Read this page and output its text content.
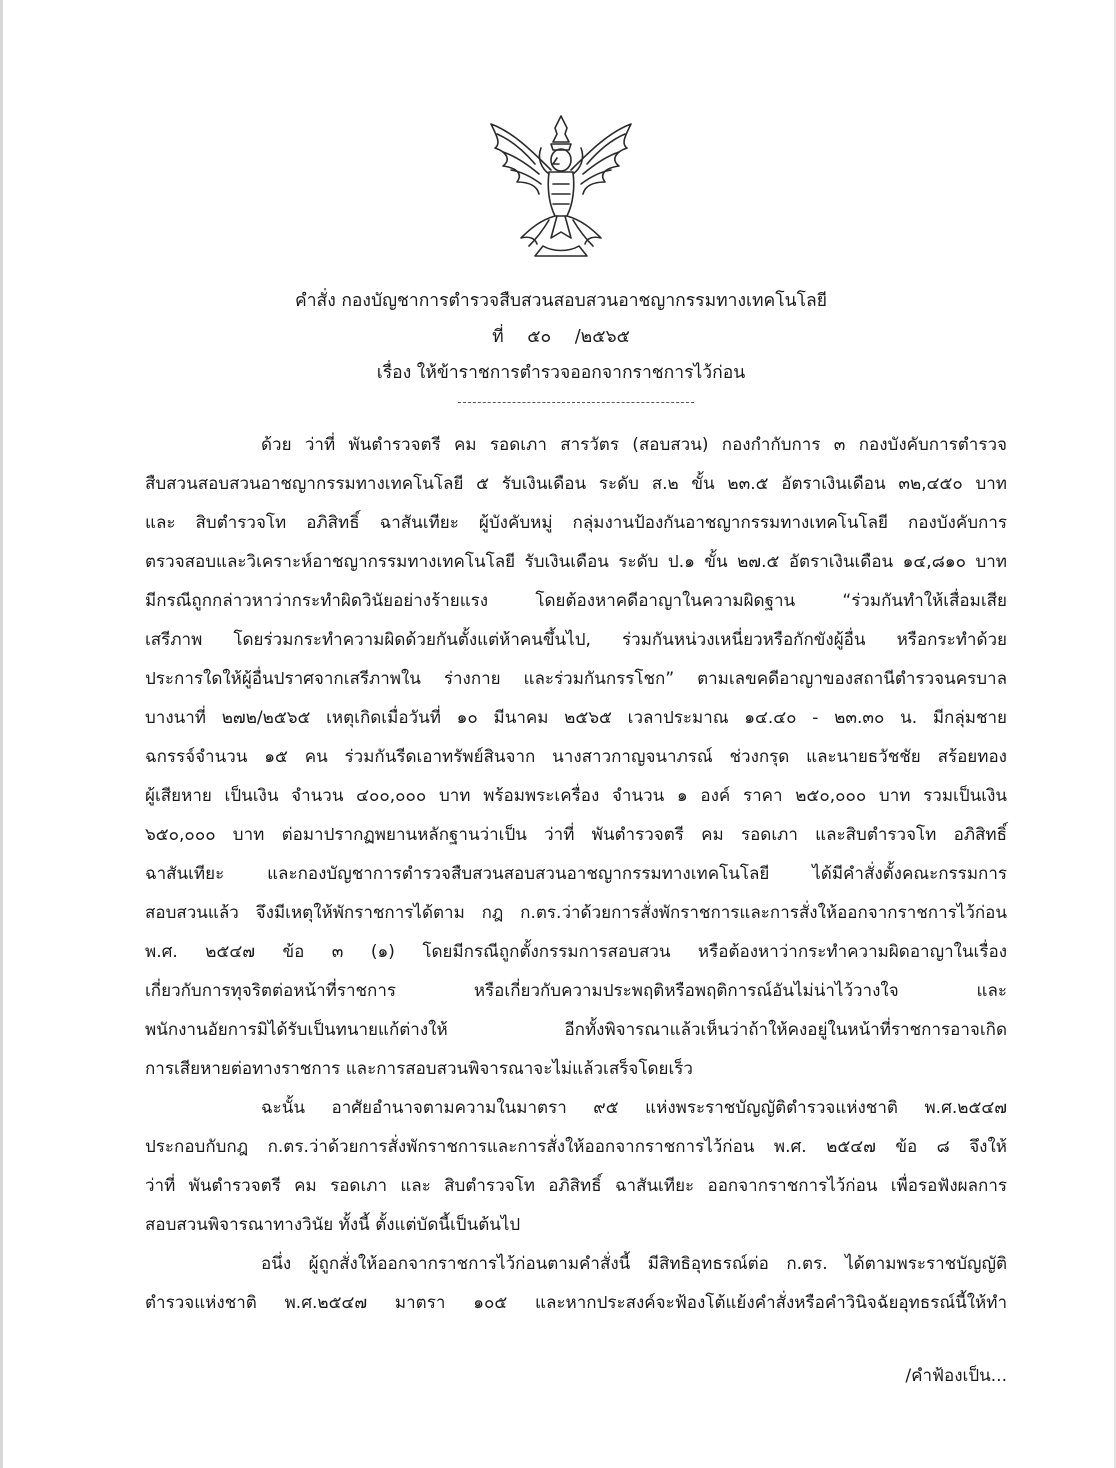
คำสั่ง กองบัญชาการตำรวจสืบสวนสอบสวนอาชญากรรมทางเทคโนโลยี
ที่ ๕๐ /๒๕๖๕
เรื่อง ให้ข้าราชการตำรวจออกจากราชการไว้ก่อน
ด้วย ว่าที่ พันตำรวจตรี คม รอดเภา สารวัตร (สอบสวน) กองกำกับการ ๓ กองบังคับการตำรวจ
สืบสวนสอบสวนอาชญากรรมทางเทคโนโลยี ๕ รับเงินเดือน ระดับ ส.๒ ขั้น ๒๓.๕ อัตราเงินเดือน ๓๒,๔๕๐ บาท
และ สิบตำรวจโท อภิสิทธิ์ ฉาสันเทียะ ผู้บังคับหมู่ กลุ่มงานป้องกันอาชญากรรมทางเทคโนโลยี กองบังคับการ
ตรวจสอบและวิเคราะห์อาชญากรรมทางเทคโนโลยี รับเงินเดือน ระดับ ป.๑ ขั้น ๒๗.๕ อัตราเงินเดือน ๑๔,๘๑๐ บาท
มีกรณีถูกกล่าวหาว่ากระทำผิดวินัยอย่างร้ายแรง โดยต้องหาคดีอาญาในความผิดฐาน “ร่วมกันทำให้เสื่อมเสีย
เสรีภาพ โดยร่วมกระทำความผิดด้วยกันตั้งแต่ห้าคนขึ้นไป, ร่วมกันหน่วงเหนี่ยวหรือกักขังผู้อื่น หรือกระทำด้วย
ประการใดให้ผู้อื่นปราศจากเสรีภาพใน ร่างกาย และร่วมกันกรรโชก” ตามเลขคดีอาญาของสถานีตำรวจนครบาล
บางนาที่ ๒๗๒/๒๕๖๕ เหตุเกิดเมื่อวันที่ ๑๐ มีนาคม ๒๕๖๕ เวลาประมาณ ๑๔.๔๐ - ๒๓.๓๐ น. มีกลุ่มชาย
ฉกรรจ์จำนวน ๑๕ คน ร่วมกันรีดเอาทรัพย์สินจาก นางสาวกาญจนาภรณ์ ช่วงกรุด และนายธวัชชัย สร้อยทอง
ผู้เสียหาย เป็นเงิน จำนวน ๔๐๐,๐๐๐ บาท พร้อมพระเครื่อง จำนวน ๑ องค์ ราคา ๒๕๐,๐๐๐ บาท รวมเป็นเงิน
๖๕๐,๐๐๐ บาท ต่อมาปรากฏพยานหลักฐานว่าเป็น ว่าที่ พันตำรวจตรี คม รอดเภา และสิบตำรวจโท อภิสิทธิ์
ฉาสันเทียะ และกองบัญชาการตำรวจสืบสวนสอบสวนอาชญากรรมทางเทคโนโลยี ได้มีคำสั่งตั้งคณะกรรมการ
สอบสวนแล้ว จึงมีเหตุให้พักราชการได้ตาม กฎ ก.ตร.ว่าด้วยการสั่งพักราชการและการสั่งให้ออกจากราชการไว้ก่อน
พ.ศ. ๒๕๔๗ ข้อ ๓ (๑) โดยมีกรณีถูกตั้งกรรมการสอบสวน หรือต้องหาว่ากระทำความผิดอาญาในเรื่อง
เกี่ยวกับการทุจริตต่อหน้าที่ราชการ หรือเกี่ยวกับความประพฤติหรือพฤติการณ์อันไม่น่าไว้วางใจ และ
พนักงานอัยการมิได้รับเป็นทนายแก้ต่างให้ อีกทั้งพิจารณาแล้วเห็นว่าถ้าให้คงอยู่ในหน้าที่ราชการอาจเกิด
การเสียหายต่อทางราชการ และการสอบสวนพิจารณาจะไม่แล้วเสร็จโดยเร็ว
ฉะนั้น อาศัยอำนาจตามความในมาตรา ๙๕ แห่งพระราชบัญญัติตำรวจแห่งชาติ พ.ศ.๒๕๔๗
ประกอบกับกฎ ก.ตร.ว่าด้วยการสั่งพักราชการและการสั่งให้ออกจากราชการไว้ก่อน พ.ศ. ๒๕๔๗ ข้อ ๘ จึงให้
ว่าที่ พันตำรวจตรี คม รอดเภา และ สิบตำรวจโท อภิสิทธิ์ ฉาสันเทียะ ออกจากราชการไว้ก่อน เพื่อรอฟังผลการ
สอบสวนพิจารณาทางวินัย ทั้งนี้ ตั้งแต่บัดนี้เป็นต้นไป
อนึ่ง ผู้ถูกสั่งให้ออกจากราชการไว้ก่อนตามคำสั่งนี้ มีสิทธิอุทธรณ์ต่อ ก.ตร. ได้ตามพระราชบัญญัติ
ตำรวจแห่งชาติ พ.ศ.๒๕๔๗ มาตรา ๑๐๕ และหากประสงค์จะฟ้องโต้แย้งคำสั่งหรือคำวินิจฉัยอุทธรณ์นี้ให้ทำ
/คำฟ้องเป็น...
